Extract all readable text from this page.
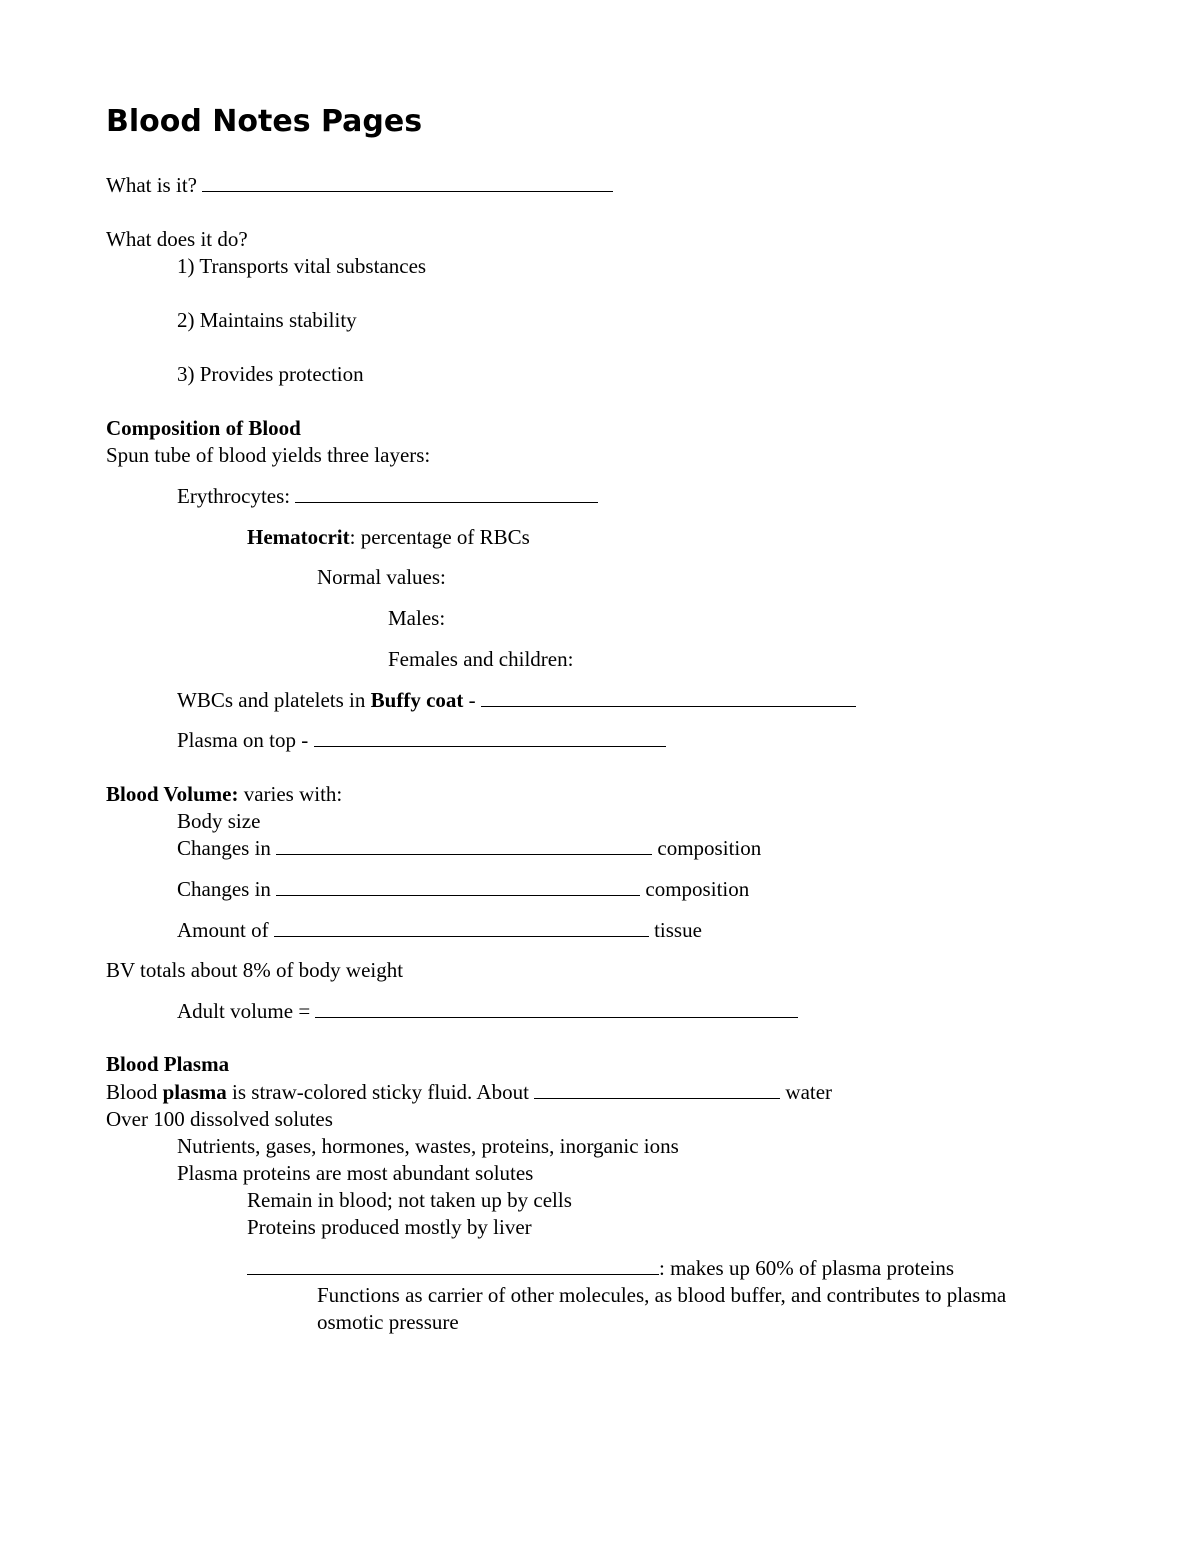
Blood Notes Pages
What is it?
What does it do?
1) Transports vital substances
2) Maintains stability
3) Provides protection
Composition of Blood
Spun tube of blood yields three layers:
Erythrocytes:
Hematocrit: percentage of RBCs
Normal values:
Males:
Females and children:
WBCs and platelets in Buffy coat -
Plasma on top -
Blood Volume: varies with:
Body size
Changes in	composition
Changes in	composition
Amount of	tissue
BV totals about 8% of body weight
Adult volume =
Blood Plasma
Blood plasma is straw-colored sticky fluid. About	water
Over 100 dissolved solutes
Nutrients, gases, hormones, wastes, proteins, inorganic ions
Plasma proteins are most abundant solutes
Remain in blood; not taken up by cells
Proteins produced mostly by liver
: makes up 60% of plasma proteins
Functions as carrier of other molecules, as blood buffer, and contributes to plasma
osmotic pressure
